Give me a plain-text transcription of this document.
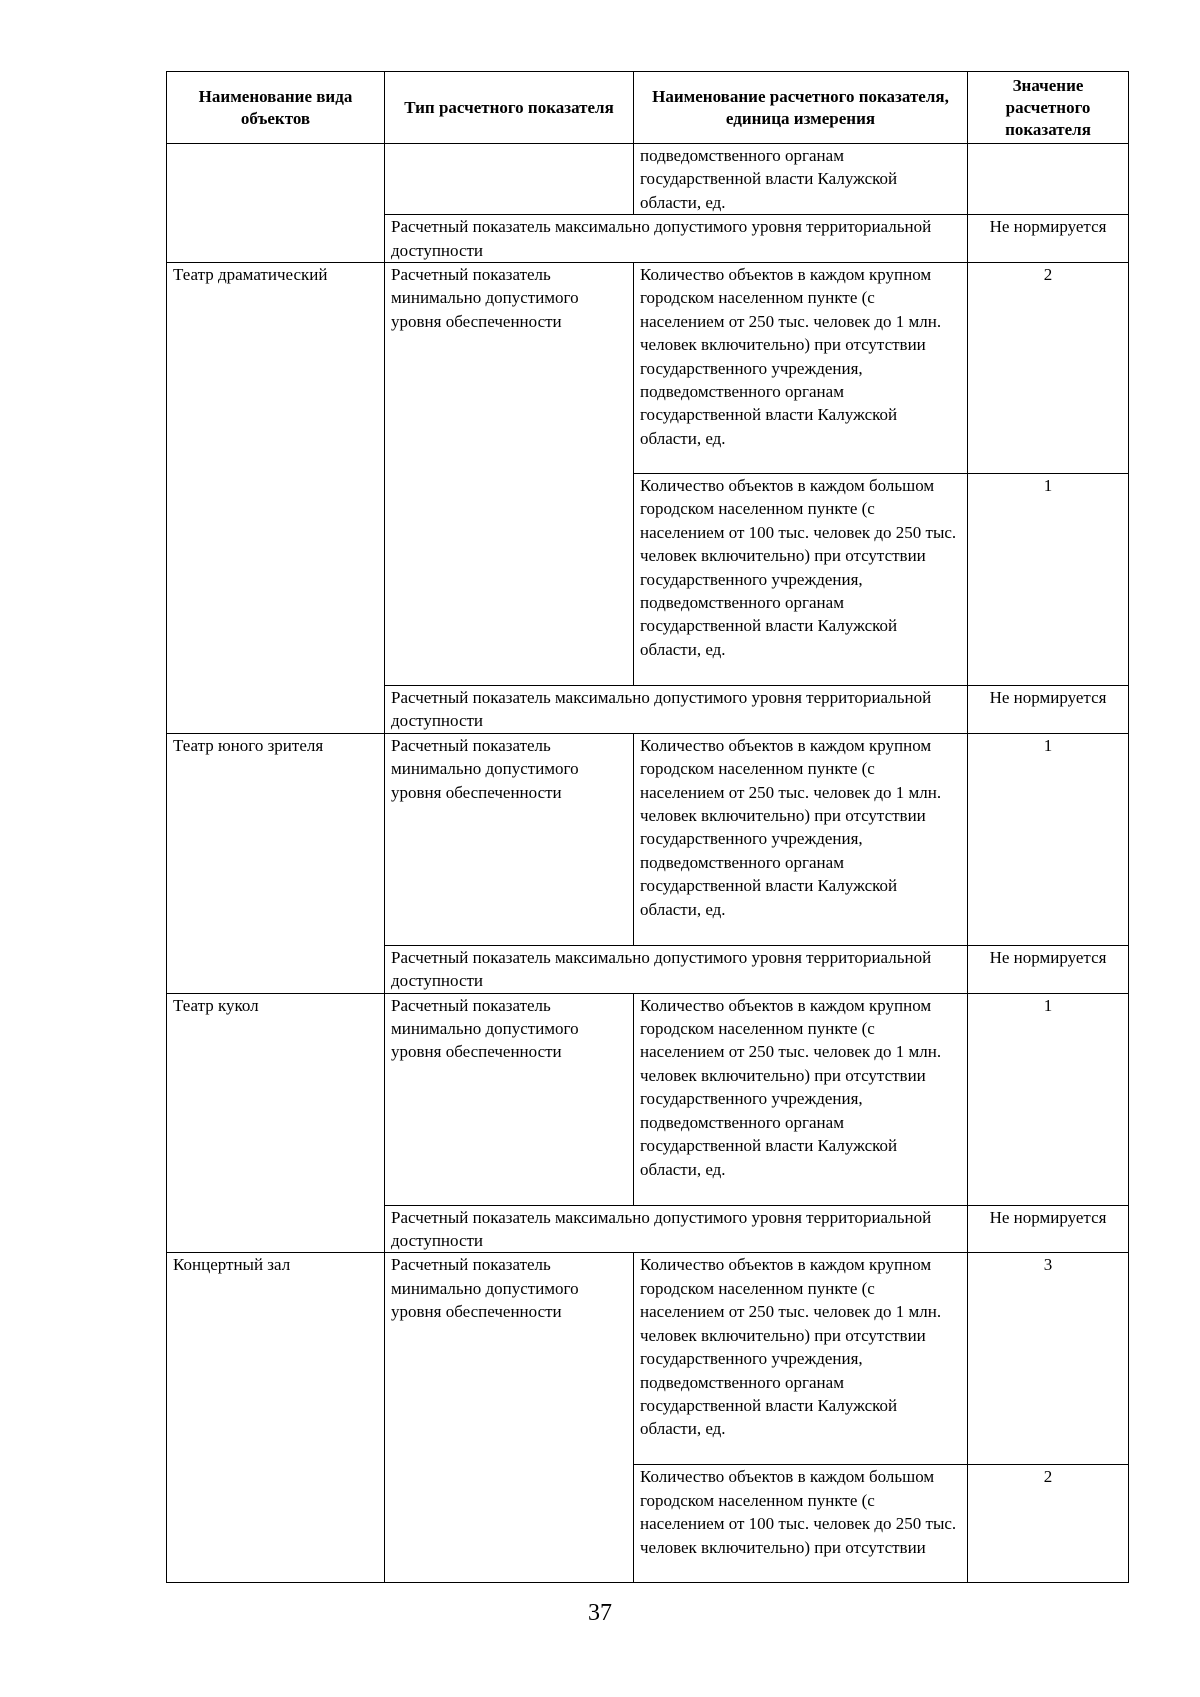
Наименование вида объектов	Тип расчетного показателя	Наименование расчетного показателя, единица измерения	Значение расчетного показателя
		подведомственного органам государственной власти Калужской области, ед.	
	Расчетный показатель максимально допустимого уровня территориальной доступности		Не нормируется
Театр драматический	Расчетный показатель минимально допустимого уровня обеспеченности	Количество объектов в каждом крупном городском населенном пункте (с населением от 250 тыс. человек до 1 млн. человек включительно) при отсутствии государственного учреждения, подведомственного органам государственной власти Калужской области, ед.	2
		Количество объектов в каждом большом городском населенном пункте (с населением от 100 тыс. человек до 250 тыс. человек включительно) при отсутствии государственного учреждения, подведомственного органам государственной власти Калужской области, ед.	1
	Расчетный показатель максимально допустимого уровня территориальной доступности		Не нормируется
Театр юного зрителя	Расчетный показатель минимально допустимого уровня обеспеченности	Количество объектов в каждом крупном городском населенном пункте (с населением от 250 тыс. человек до 1 млн. человек включительно) при отсутствии государственного учреждения, подведомственного органам государственной власти Калужской области, ед.	1
	Расчетный показатель максимально допустимого уровня территориальной доступности		Не нормируется
Театр кукол	Расчетный показатель минимально допустимого уровня обеспеченности	Количество объектов в каждом крупном городском населенном пункте (с населением от 250 тыс. человек до 1 млн. человек включительно) при отсутствии государственного учреждения, подведомственного органам государственной власти Калужской области, ед.	1
	Расчетный показатель максимально допустимого уровня территориальной доступности		Не нормируется
Концертный зал	Расчетный показатель минимально допустимого уровня обеспеченности	Количество объектов в каждом крупном городском населенном пункте (с населением от 250 тыс. человек до 1 млн. человек включительно) при отсутствии государственного учреждения, подведомственного органам государственной власти Калужской области, ед.	3
		Количество объектов в каждом большом городском населенном пункте (с населением от 100 тыс. человек до 250 тыс. человек включительно) при отсутствии	2
37
